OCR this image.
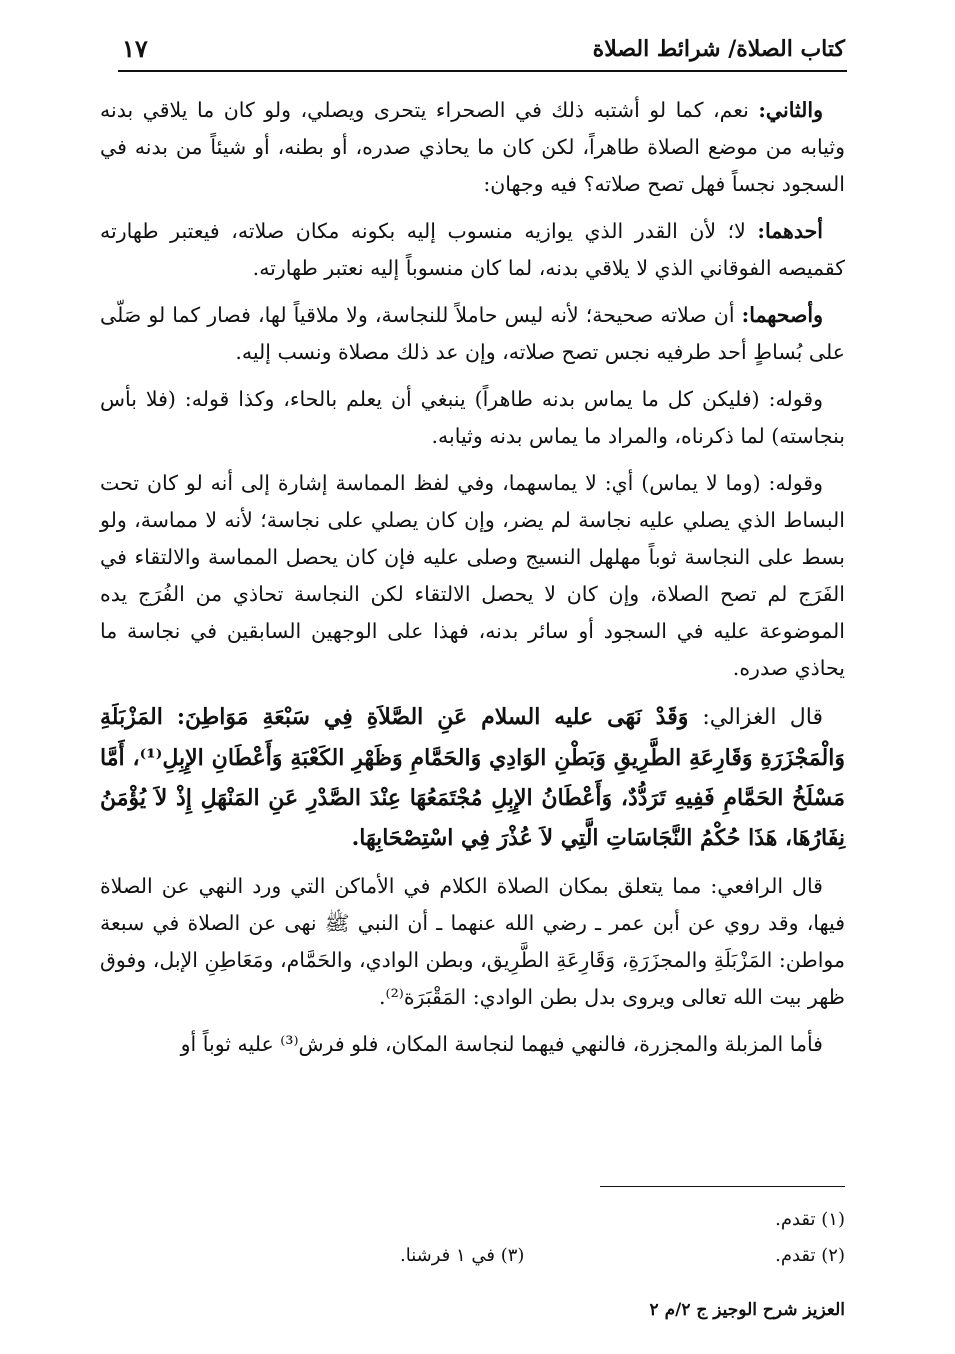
كتاب الصلاة/ شرائط الصلاة
١٧

والثاني: نعم، كما لو أشتبه ذلك في الصحراء يتحرى ويصلي، ولو كان ما يلاقي بدنه وثيابه من موضع الصلاة طاهراً، لكن كان ما يحاذي صدره، أو بطنه، أو شيئاً من بدنه في السجود نجساً فهل تصح صلاته؟ فيه وجهان:

أحدهما: لا؛ لأن القدر الذي يوازيه منسوب إليه بكونه مكان صلاته، فيعتبر طهارته كقميصه الفوقاني الذي لا يلاقي بدنه، لما كان منسوباً إليه نعتبر طهارته.

وأصحهما: أن صلاته صحيحة؛ لأنه ليس حاملاً للنجاسة، ولا ملاقياً لها، فصار كما لو صَلّى على بُساطٍ أحد طرفيه نجس تصح صلاته، وإن عد ذلك مصلاة ونسب إليه.

وقوله: (فليكن كل ما يماس بدنه طاهراً) ينبغي أن يعلم بالحاء، وكذا قوله: (فلا بأس بنجاسته) لما ذكرناه، والمراد ما يماس بدنه وثيابه.

وقوله: (وما لا يماس) أي: لا يماسهما، وفي لفظ المماسة إشارة إلى أنه لو كان تحت البساط الذي يصلي عليه نجاسة لم يضر، وإن كان يصلي على نجاسة؛ لأنه لا مماسة، ولو بسط على النجاسة ثوباً مهلهل النسيج وصلى عليه فإن كان يحصل المماسة والالتقاء في الفَرَج لم تصح الصلاة، وإن كان لا يحصل الالتقاء لكن النجاسة تحاذي من الفُرَج يده الموضوعة عليه في السجود أو سائر بدنه، فهذا على الوجهين السابقين في نجاسة ما يحاذي صدره.

قال الغزالي: وَقَدْ نَهَى عليه السلام عَنِ الصَّلاَةِ فِي سَبْعَةِ مَوَاطِنَ: المَزْبَلَةِ وَالْمَجْزَرَةِ وَقَارِعَةِ الطَّرِيقِ وَبَطْنِ الوَادِي وَالحَمَّامِ وَظَهْرِ الكَعْبَةِ وَأَعْطَانِ الإِبِلِ⁽¹⁾، أَمَّا مَسْلَخُ الحَمَّامِ فَفِيهِ تَرَدُّدٌ، وَأَعْطَانُ الإِبِلِ مُجْتَمَعُهَا عِنْدَ الصَّدْرِ عَنِ المَنْهَلِ إِذْ لاَ يُؤْمَنُ نِفَارُهَا، هَذَا حُكْمُ النَّجَاسَاتِ الَّتِي لاَ عُذْرَ فِي اسْتِصْحَابِهَا.

قال الرافعي: مما يتعلق بمكان الصلاة الكلام في الأماكن التي ورد النهي عن الصلاة فيها، وقد روي عن أبن عمر ـ رضي الله عنهما ـ أن النبي ﷺ نهى عن الصلاة في سبعة مواطن: المَزْبَلَةِ والمجزَرَةِ، وَقَارِعَةِ الطَّرِيق، وبطن الوادي، والحَمَّام، ومَعَاطِنِ الإبل، وفوق ظهر بيت الله تعالى ويروى بدل بطن الوادي: المَقْبَرَة⁽²⁾.

فأما المزبلة والمجزرة، فالنهي فيهما لنجاسة المكان، فلو فرش⁽³⁾ عليه ثوباً أو

(١) تقدم.
(٢) تقدم.
(٣) في ١ فرشنا.
العزيز شرح الوجيز ج ٢/م ٢
